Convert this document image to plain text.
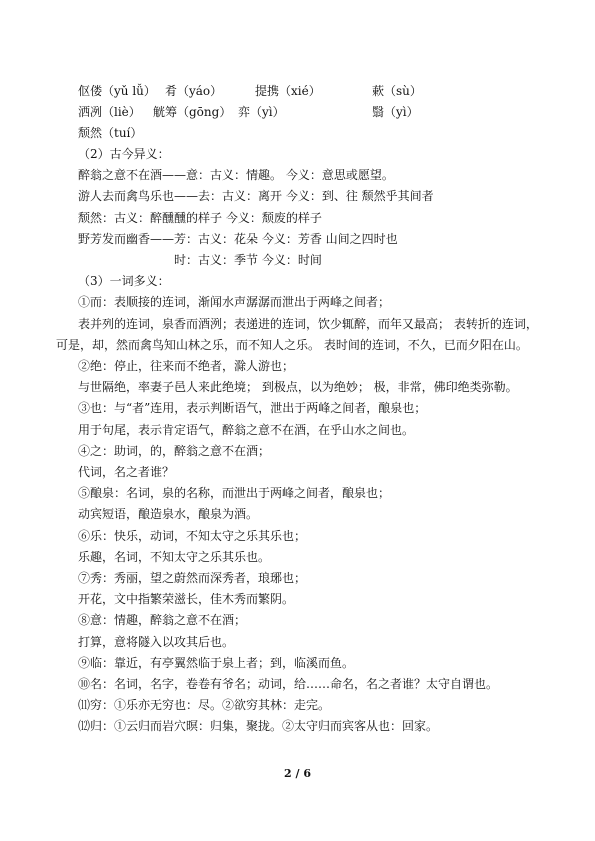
伛偻（yǔ lǚ） 肴（yáo）	提携（xié）	蔌（sù）
洒冽（liè） 觥筹（gōng） 弈（yì）	翳（yì）
颓然（tuí）
（2）古今异义：
醉翁之意不在酒——意：古义：情趣。 今义：意思或愿望。
游人去而禽鸟乐也——去：古义：离开 今义：到、往 颓然乎其间者
颓然：古义：醉醺醺的样子 今义：颓废的样子
野芳发而幽香——芳：古义：花朵 今义：芳香 山间之四时也
时：古义：季节 今义：时间
（3）一词多义：
①而：表顺接的连词，渐闻水声潺潺而泄出于两峰之间者；
表并列的连词，泉香而酒洌；表递进的连词，饮少辄醉，而年又最高； 表转折的连词，
可是，却，然而禽鸟知山林之乐，而不知人之乐。 表时间的连词，不久，已而夕阳在山。
②绝：停止，往来而不绝者，滁人游也；
与世隔绝，率妻子邑人来此绝境； 到极点，以为绝妙； 极，非常，佛印绝类弥勒。
③也：与“者”连用，表示判断语气，泄出于两峰之间者，酿泉也；
用于句尾，表示肯定语气，醉翁之意不在酒，在乎山水之间也。
④之：助词，的，醉翁之意不在酒；
代词，名之者谁？
⑤酿泉：名词，泉的名称，而泄出于两峰之间者，酿泉也；
动宾短语，酿造泉水，酿泉为酒。
⑥乐：快乐，动词，不知太守之乐其乐也；
乐趣，名词，不知太守之乐其乐也。
⑦秀：秀丽，望之蔚然而深秀者，琅琊也；
开花，文中指繁荣滋长，佳木秀而繁阴。
⑧意：情趣，醉翁之意不在酒；
打算，意将隧入以攻其后也。
⑨临：靠近，有亭翼然临于泉上者；到，临溪而鱼。
⑩名：名词，名字，卷卷有爷名；动词，给……命名，名之者谁？太守自谓也。
⑾穷：①乐亦无穷也：尽。②欲穷其林：走完。
⑿归：①云归而岩穴暝：归集，聚拢。②太守归而宾客从也：回家。
2 / 6
